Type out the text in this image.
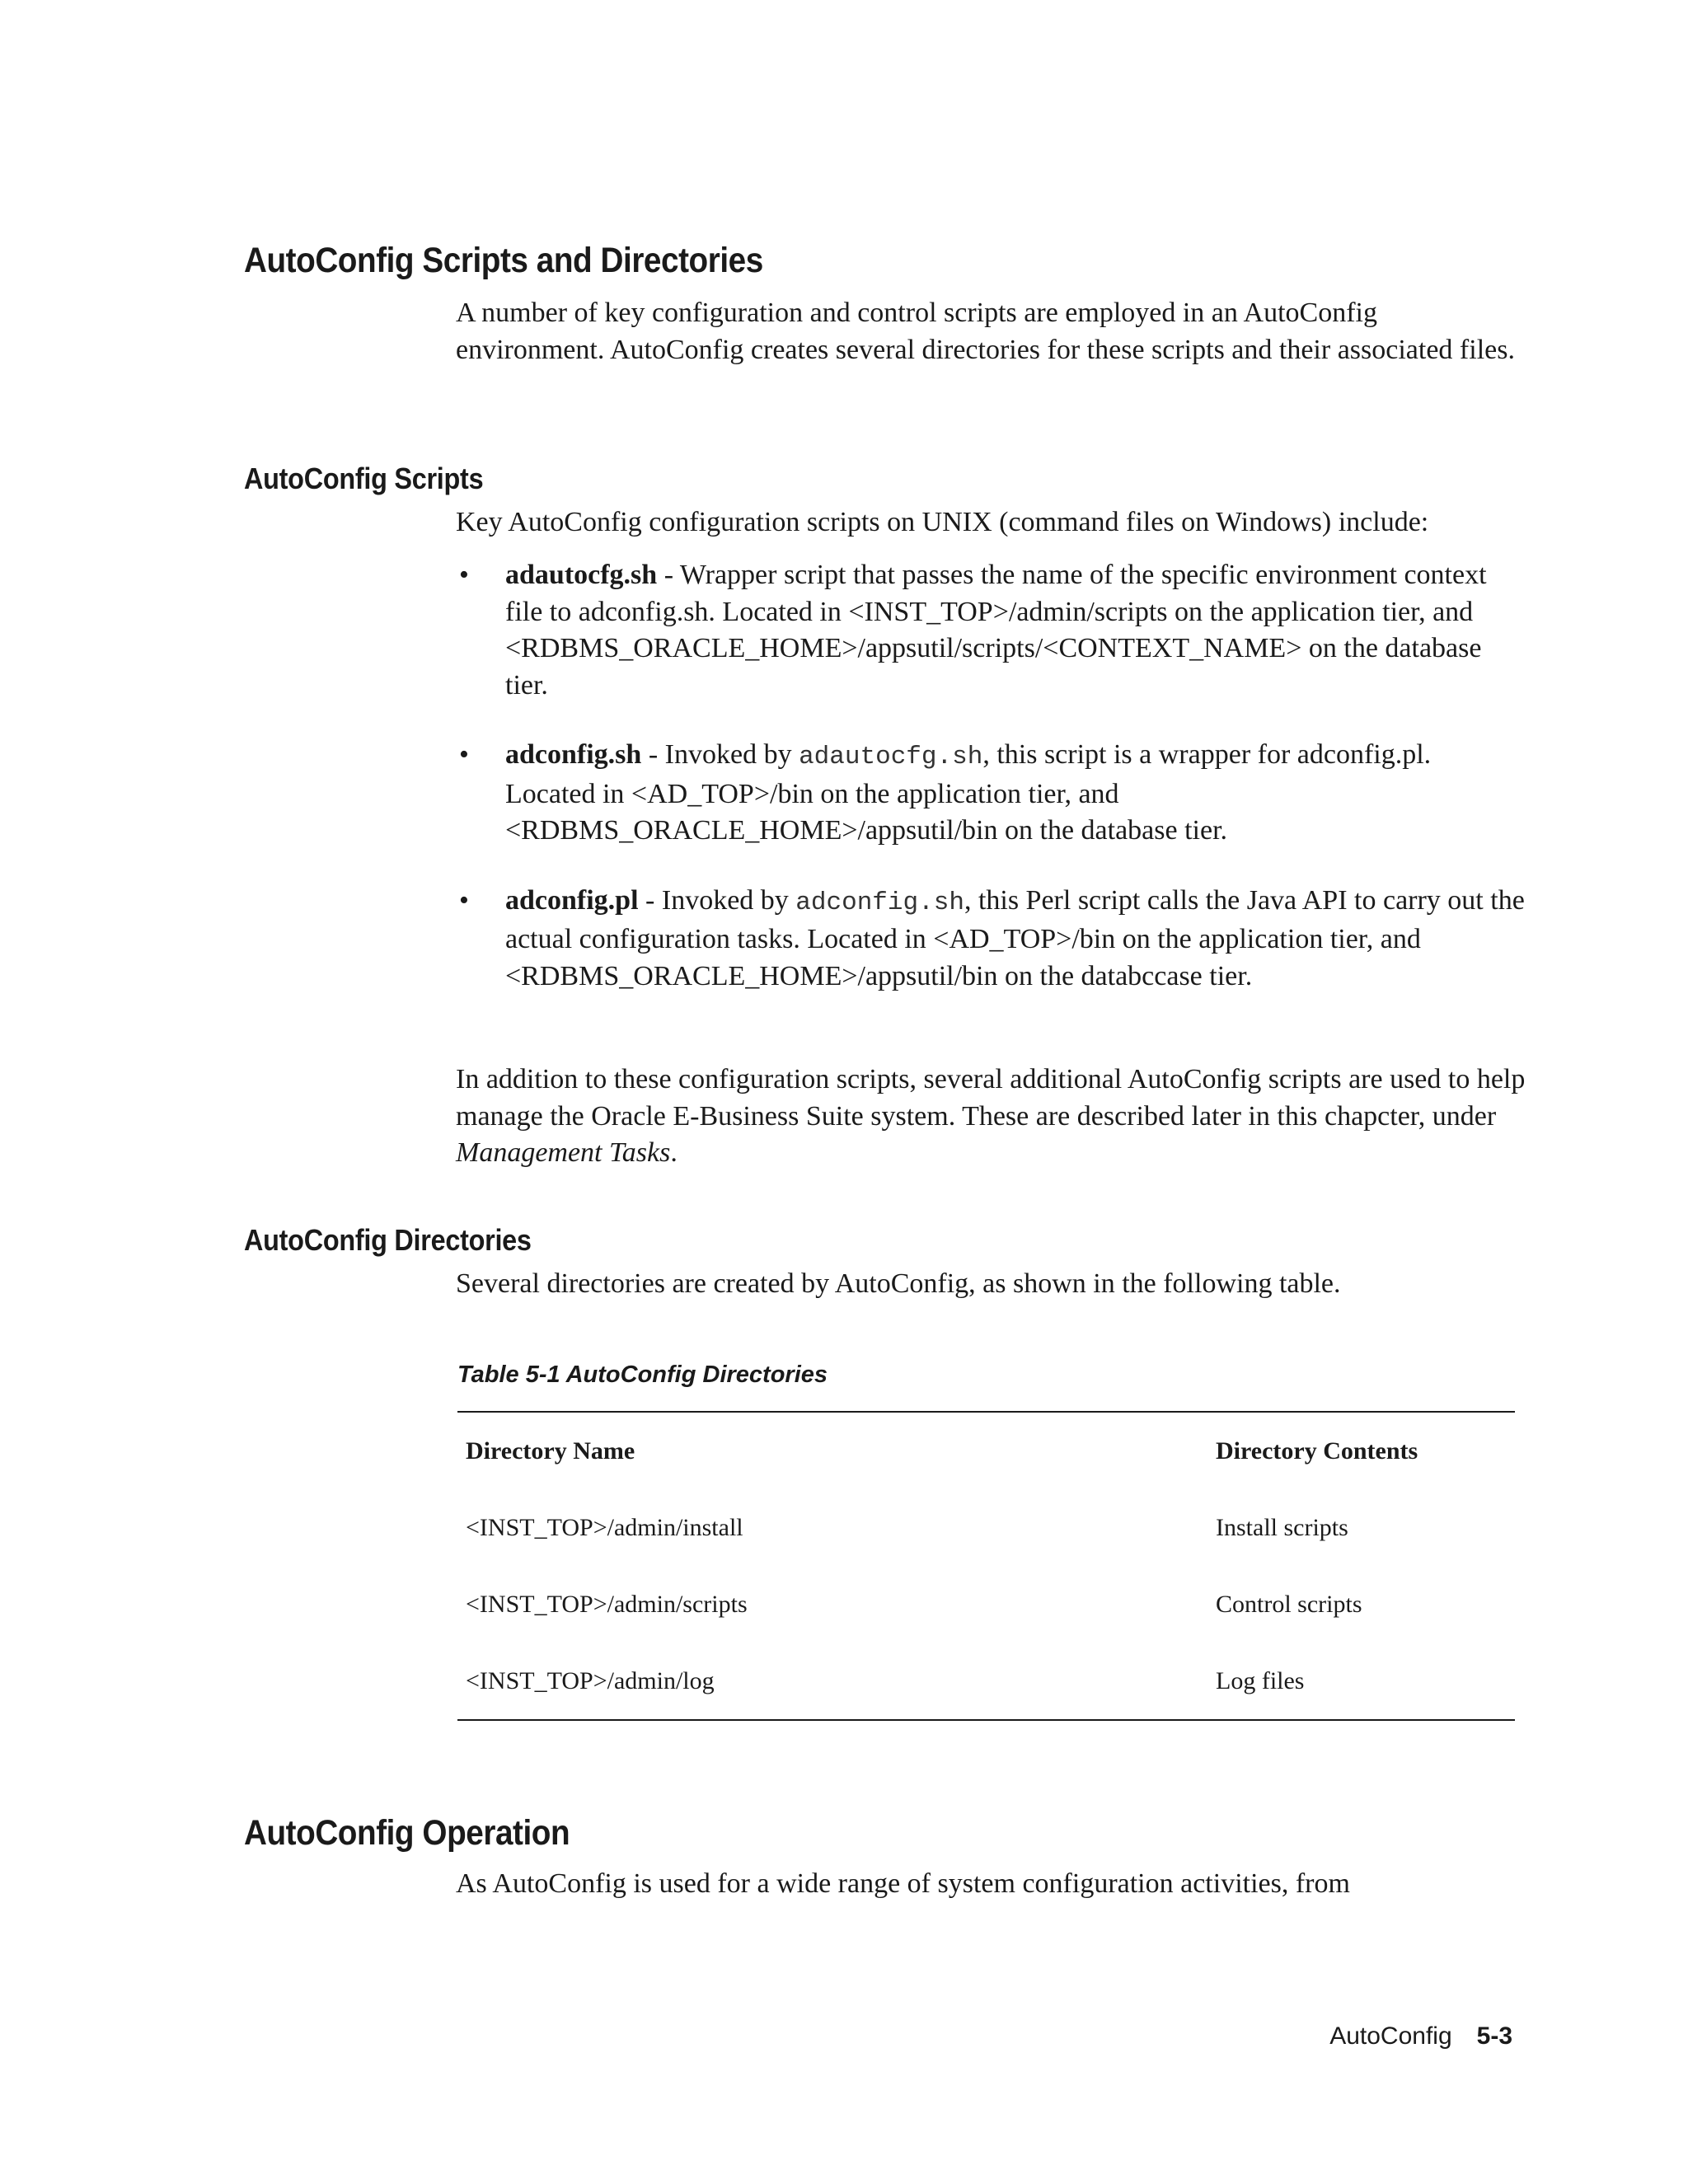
AutoConfig Scripts and Directories

A number of key configuration and control scripts are employed in an AutoConfig environment. AutoConfig creates several directories for these scripts and their associated files.

AutoConfig Scripts

Key AutoConfig configuration scripts on UNIX (command files on Windows) include:

• adautocfg.sh - Wrapper script that passes the name of the specific environment context file to adconfig.sh. Located in <INST_TOP>/admin/scripts on the application tier, and <RDBMS_ORACLE_HOME>/appsutil/scripts/<CONTEXT_NAME> on the database tier.
• adconfig.sh - Invoked by adautocfg.sh, this script is a wrapper for adconfig.pl. Located in <AD_TOP>/bin on the application tier, and <RDBMS_ORACLE_HOME>/appsutil/bin on the database tier.
• adconfig.pl - Invoked by adconfig.sh, this Perl script calls the Java API to carry out the actual configuration tasks. Located in <AD_TOP>/bin on the application tier, and <RDBMS_ORACLE_HOME>/appsutil/bin on the databccase tier.

In addition to these configuration scripts, several additional AutoConfig scripts are used to help manage the Oracle E-Business Suite system. These are described later in this chapcter, under Management Tasks.

AutoConfig Directories

Several directories are created by AutoConfig, as shown in the following table.

Table 5-1 AutoConfig Directories

Directory Name	Directory Contents
<INST_TOP>/admin/install	Install scripts
<INST_TOP>/admin/scripts	Control scripts
<INST_TOP>/admin/log	Log files
AutoConfig Operation

As AutoConfig is used for a wide range of system configuration activities, from

AutoConfig 5-3
